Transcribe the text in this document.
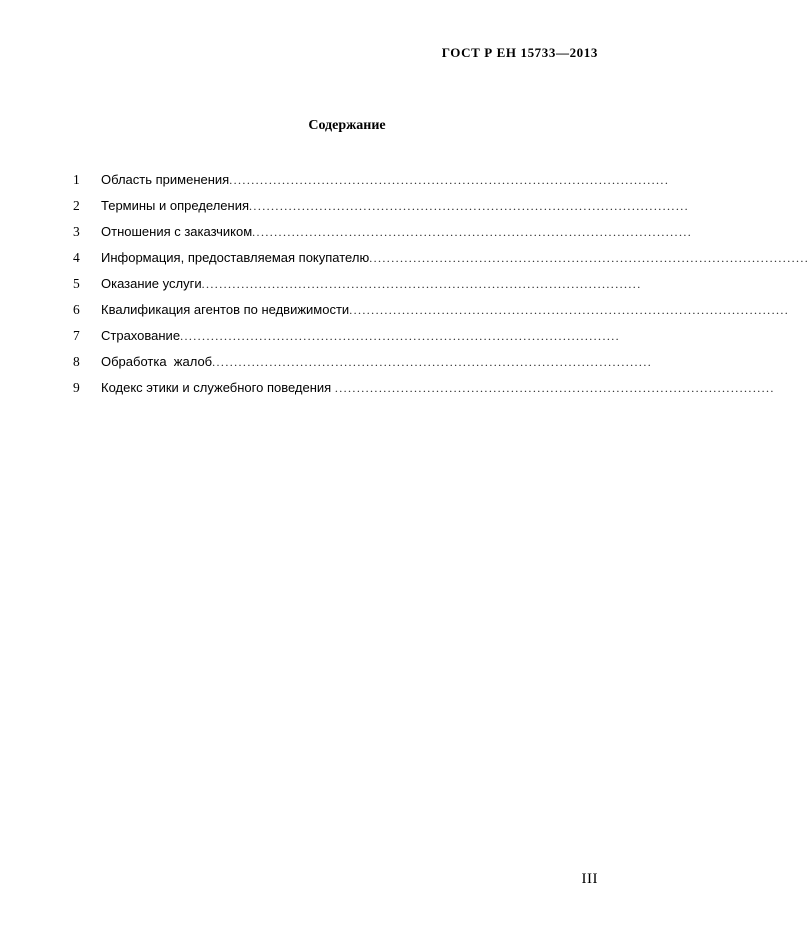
ГОСТ Р ЕН 15733—2013
Содержание
1	Область применения ....................................................................................................
2	Термины и определения ....................................................................................................
3	Отношения с заказчиком ....................................................................................................
4	Информация, предоставляемая покупателю ....................................................................................................
5	Оказание услуги ....................................................................................................
6	Квалификация агентов по недвижимости ....................................................................................................
7	Страхование ....................................................................................................
8	Обработка  жалоб ....................................................................................................
9	Кодекс этики и служебного поведения ....................................................................................................
III
